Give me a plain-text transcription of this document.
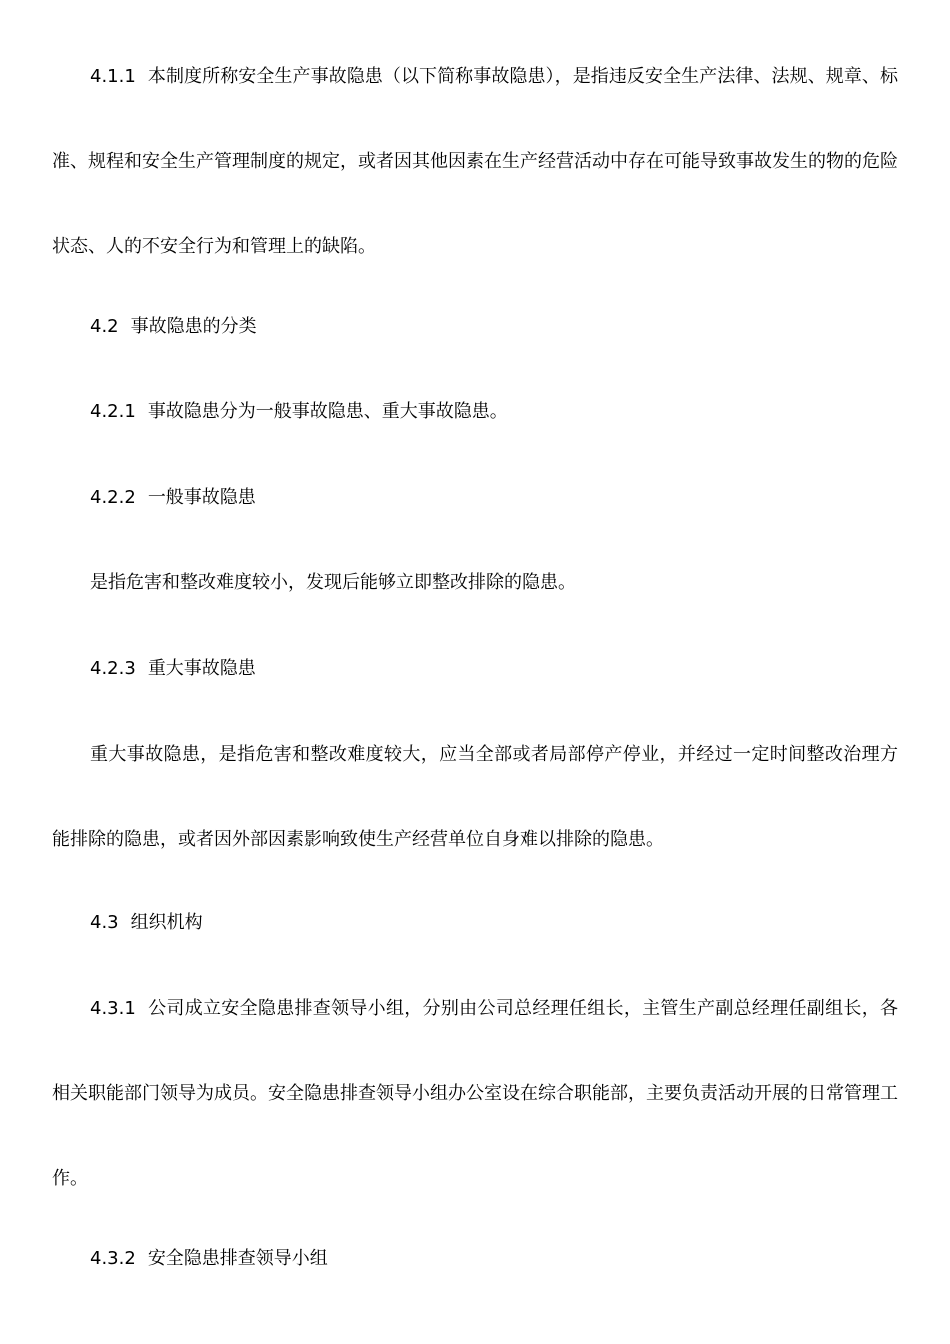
4.1.1 本制度所称安全生产事故隐患（以下简称事故隐患），是指违反安全生产法律、法规、规章、标准、规程和安全生产管理制度的规定，或者因其他因素在生产经营活动中存在可能导致事故发生的物的危险状态、人的不安全行为和管理上的缺陷。

4.2 事故隐患的分类

4.2.1 事故隐患分为一般事故隐患、重大事故隐患。

4.2.2 一般事故隐患

是指危害和整改难度较小，发现后能够立即整改排除的隐患。

4.2.3 重大事故隐患

重大事故隐患，是指危害和整改难度较大，应当全部或者局部停产停业，并经过一定时间整改治理方能排除的隐患，或者因外部因素影响致使生产经营单位自身难以排除的隐患。

4.3 组织机构

4.3.1 公司成立安全隐患排查领导小组，分别由公司总经理任组长，主管生产副总经理任副组长，各相关职能部门领导为成员。安全隐患排查领导小组办公室设在综合职能部，主要负责活动开展的日常管理工作。

4.3.2 安全隐患排查领导小组
